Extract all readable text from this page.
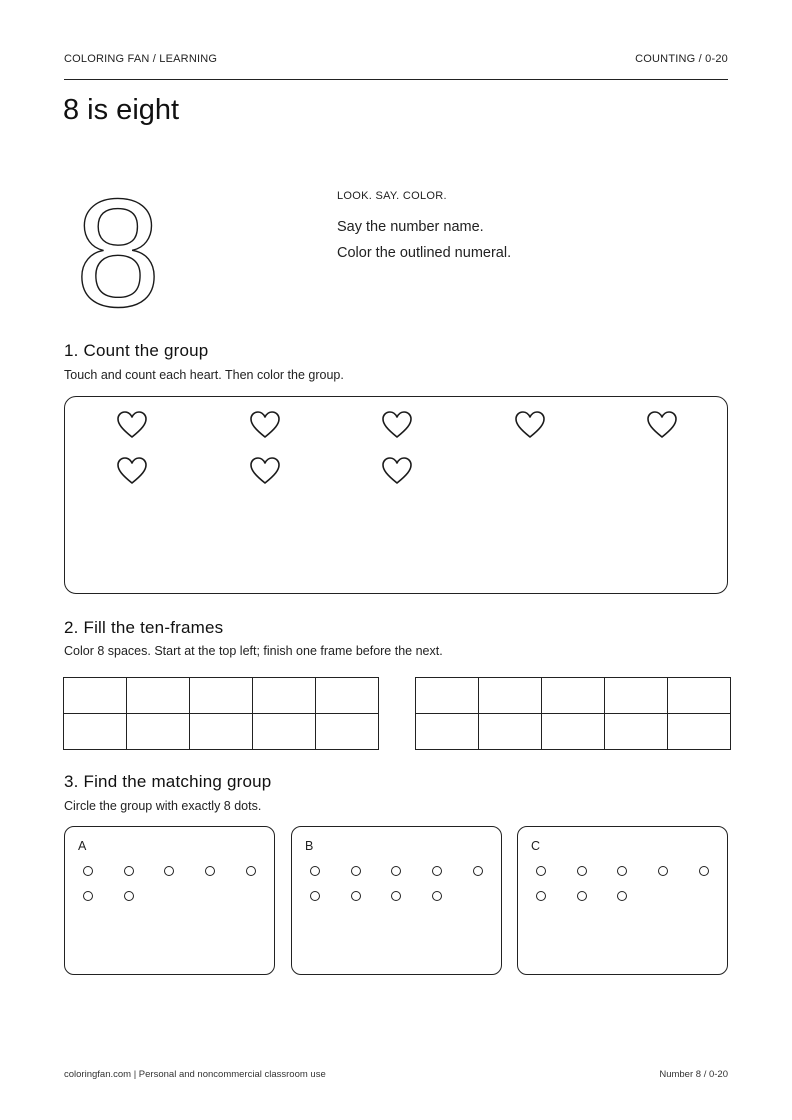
COLORING FAN / LEARNING	COUNTING / 0-20
8 is eight
8	LOOK. SAY. COLOR.
Say the number name.
Color the outlined numeral.
1. Count the group
Touch and count each heart. Then color the group.
2. Fill the ten-frames
Color 8 spaces. Start at the top left; finish one frame before the next.

3. Find the matching group
Circle the group with exactly 8 dots.
A	B	C
coloringfan.com | Personal and noncommercial classroom use	Number 8 / 0-20
